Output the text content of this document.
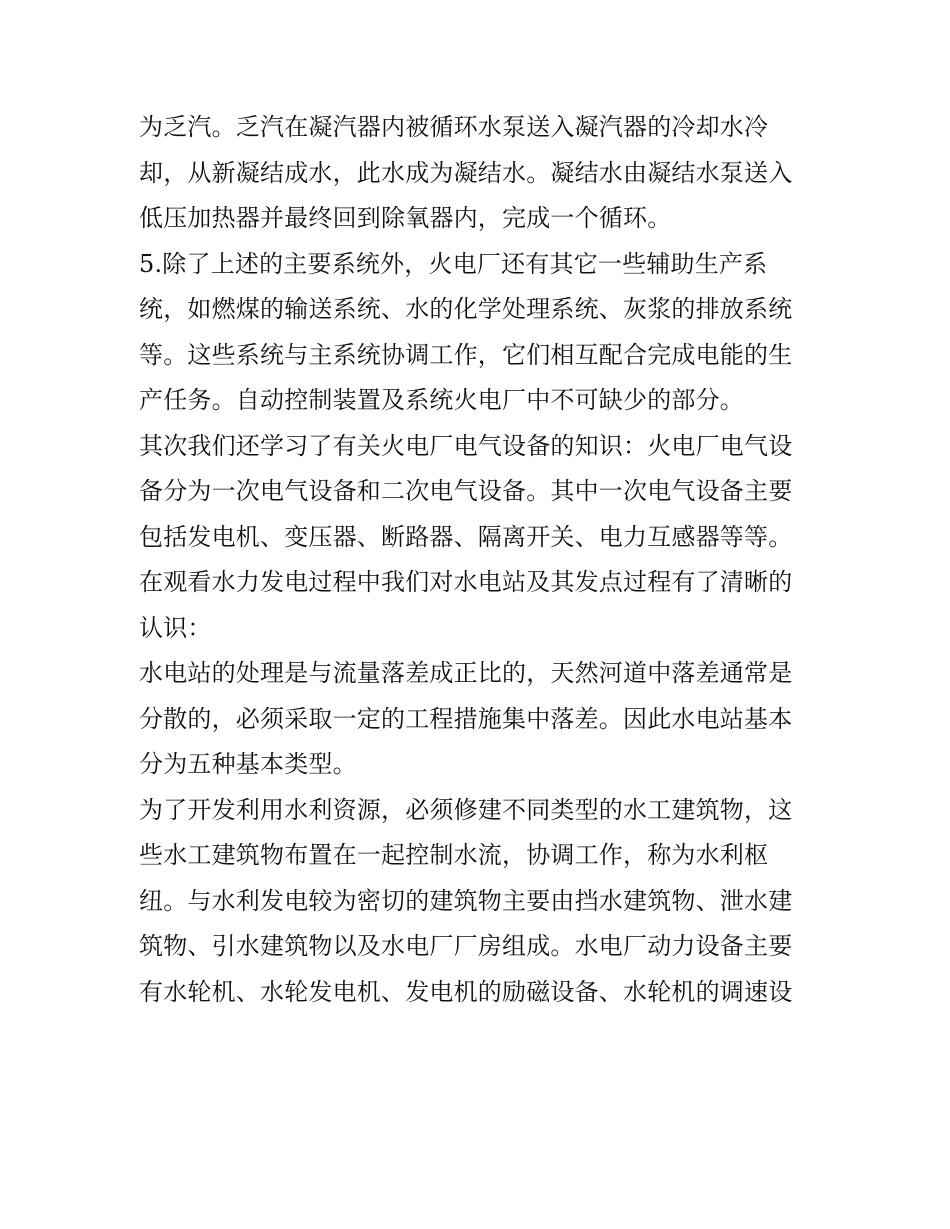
为乏汽。乏汽在凝汽器内被循环水泵送入凝汽器的冷却水冷
却，从新凝结成水，此水成为凝结水。凝结水由凝结水泵送入
低压加热器并最终回到除氧器内，完成一个循环。
5.除了上述的主要系统外，火电厂还有其它一些辅助生产系
统，如燃煤的输送系统、水的化学处理系统、灰浆的排放系统
等。这些系统与主系统协调工作，它们相互配合完成电能的生
产任务。自动控制装置及系统火电厂中不可缺少的部分。
其次我们还学习了有关火电厂电气设备的知识：火电厂电气设
备分为一次电气设备和二次电气设备。其中一次电气设备主要
包括发电机、变压器、断路器、隔离开关、电力互感器等等。
在观看水力发电过程中我们对水电站及其发点过程有了清晰的
认识：
水电站的处理是与流量落差成正比的，天然河道中落差通常是
分散的，必须采取一定的工程措施集中落差。因此水电站基本
分为五种基本类型。
为了开发利用水利资源，必须修建不同类型的水工建筑物，这
些水工建筑物布置在一起控制水流，协调工作，称为水利枢
纽。与水利发电较为密切的建筑物主要由挡水建筑物、泄水建
筑物、引水建筑物以及水电厂厂房组成。水电厂动力设备主要
有水轮机、水轮发电机、发电机的励磁设备、水轮机的调速设
